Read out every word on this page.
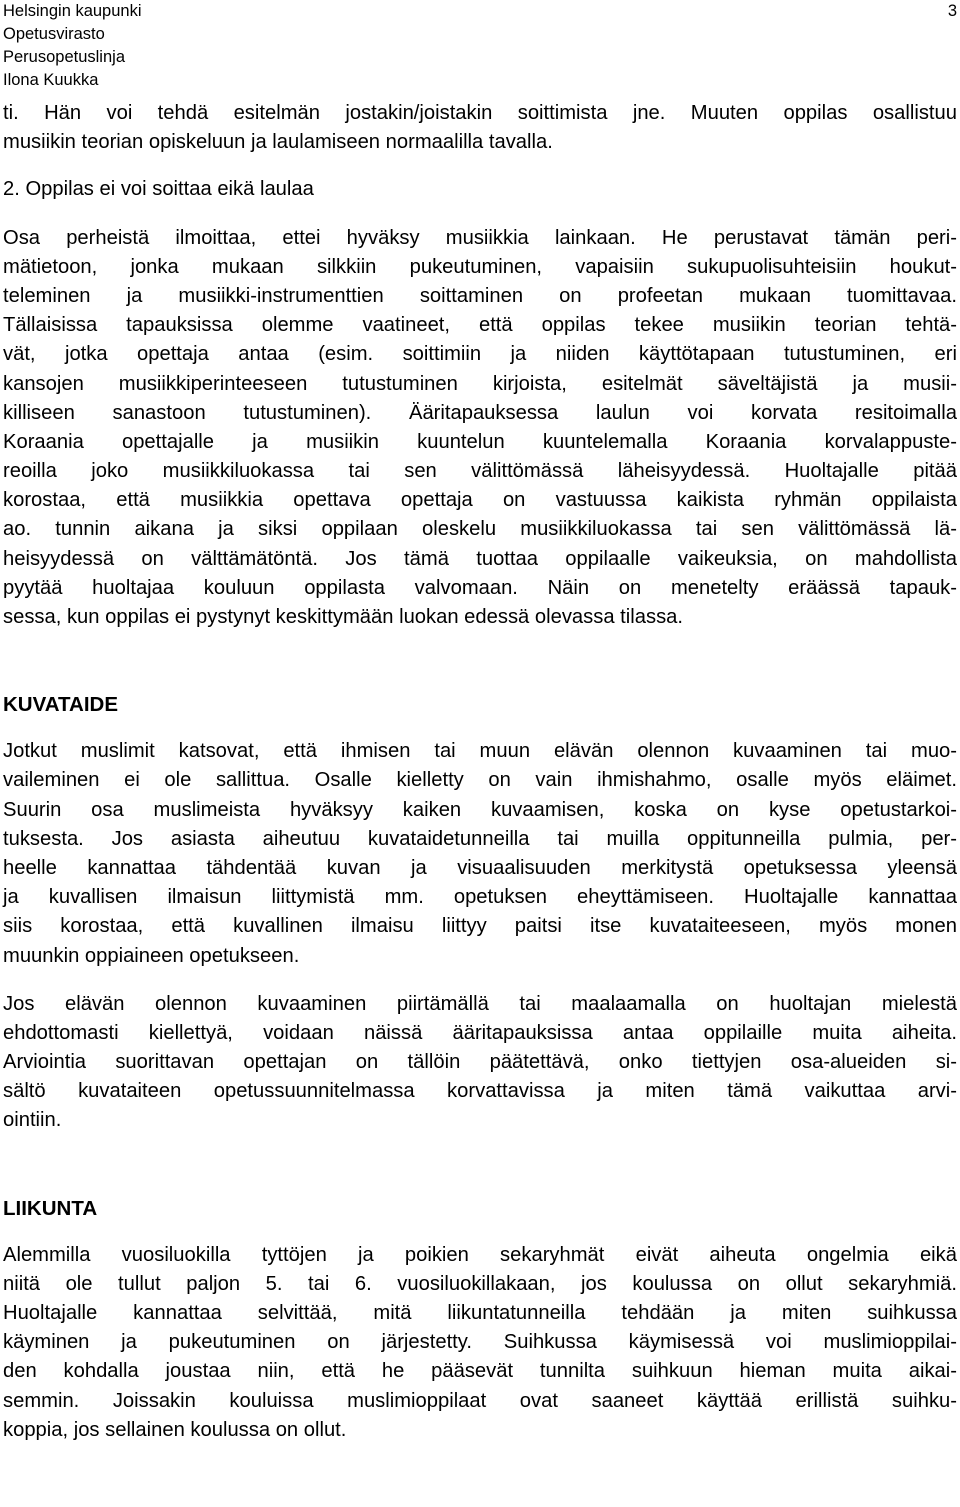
Helsingin kaupunki
Opetusvirasto
Perusopetuslinja
Ilona Kuukka
3
ti. Hän voi tehdä esitelmän jostakin/joistakin soittimista jne. Muuten oppilas osallistuu
musiikin teorian opiskeluun ja laulamiseen normaalilla tavalla.
2. Oppilas ei voi soittaa eikä laulaa
Osa perheistä ilmoittaa, ettei hyväksy musiikkia lainkaan. He perustavat tämän peri-
mätietoon, jonka mukaan silkkiin pukeutuminen, vapaisiin sukupuolisuhteisiin houkut-
teleminen ja musiikki-instrumenttien soittaminen on profeetan mukaan tuomittavaa.
Tällaisissa tapauksissa olemme vaatineet, että oppilas tekee musiikin teorian tehtä-
vät, jotka opettaja antaa (esim. soittimiin ja niiden käyttötapaan tutustuminen, eri
kansojen musiikkiperinteeseen tutustuminen kirjoista, esitelmät säveltäjistä ja musii-
killiseen sanastoon tutustuminen). Ääritapauksessa laulun voi korvata resitoimalla
Koraania opettajalle ja musiikin kuuntelun kuuntelemalla Koraania korvalappuste-
reoilla joko musiikkiluokassa tai sen välittömässä läheisyydessä. Huoltajalle pitää
korostaa, että musiikkia opettava opettaja on vastuussa kaikista ryhmän oppilaista
ao. tunnin aikana ja siksi oppilaan oleskelu musiikkiluokassa tai sen välittömässä lä-
heisyydessä on välttämätöntä. Jos tämä tuottaa oppilaalle vaikeuksia, on mahdollista
pyytää huoltajaa kouluun oppilasta valvomaan. Näin on menetelty eräässä tapauk-
sessa, kun oppilas ei pystynyt keskittymään luokan edessä olevassa tilassa.
KUVATAIDE
Jotkut muslimit katsovat, että ihmisen tai muun elävän olennon kuvaaminen tai muo-
vaileminen ei ole sallittua. Osalle kielletty on vain ihmishahmo, osalle myös eläimet.
Suurin osa muslimeista hyväksyy kaiken kuvaamisen, koska on kyse opetustarkoi-
tuksesta. Jos asiasta aiheutuu kuvataidetunneilla tai muilla oppitunneilla pulmia, per-
heelle kannattaa tähdentää kuvan ja visuaalisuuden merkitystä opetuksessa yleensä
ja kuvallisen ilmaisun liittymistä mm. opetuksen eheyttämiseen. Huoltajalle kannattaa
siis korostaa, että kuvallinen ilmaisu liittyy paitsi itse kuvataiteeseen, myös monen
muunkin oppiaineen opetukseen.
Jos elävän olennon kuvaaminen piirtämällä tai maalaamalla on huoltajan mielestä
ehdottomasti kiellettyä, voidaan näissä ääritapauksissa antaa oppilaille muita aiheita.
Arviointia suorittavan opettajan on tällöin päätettävä, onko tiettyjen osa-alueiden si-
sältö kuvataiteen opetussuunnitelmassa korvattavissa ja miten tämä vaikuttaa arvi-
ointiin.
LIIKUNTA
Alemmilla vuosiluokilla tyttöjen ja poikien sekaryhmät eivät aiheuta ongelmia eikä
niitä ole tullut paljon 5. tai 6. vuosiluokillakaan, jos koulussa on ollut sekaryhmiä.
Huoltajalle kannattaa selvittää, mitä liikuntatunneilla tehdään ja miten suihkussa
käyminen ja pukeutuminen on järjestetty. Suihkussa käymisessä voi muslimioppilai-
den kohdalla joustaa niin, että he pääsevät tunnilta suihkuun hieman muita aikai-
semmin. Joissakin kouluissa muslimioppilaat ovat saaneet käyttää erillistä suihku-
koppia, jos sellainen koulussa on ollut.
